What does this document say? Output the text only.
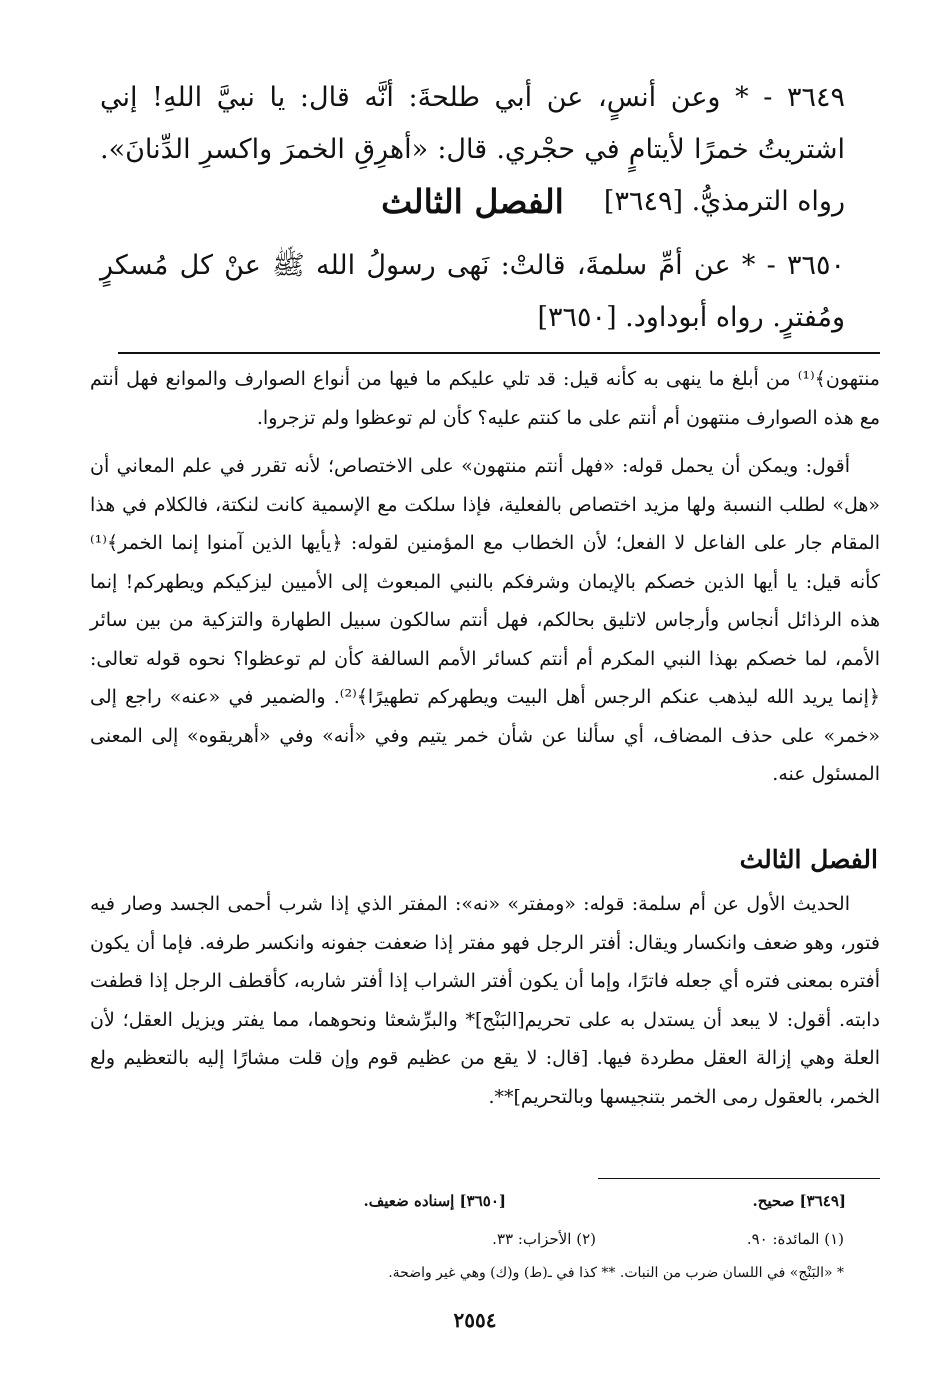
٣٦٤٩ - * وعن أنسٍ، عن أبي طلحةَ: أنَّه قال: يا نبيَّ اللهِ! إني اشتريتُ خمرًا لأيتامٍ في حجْري. قال: «أهرِقِ الخمرَ واكسرِ الدِّنانَ». رواه الترمذيُّ. [٣٦٤٩]
الفصل الثالث
٣٦٥٠ - * عن أمِّ سلمةَ، قالتْ: نَهى رسولُ الله ﷺ عنْ كل مُسكرٍ ومُفترٍ. رواه أبوداود. [٣٦٥٠]

منتهون﴾⁽¹⁾ من أبلغ ما ينهى به كأنه قيل: قد تلي عليكم ما فيها من أنواع الصوارف والموانع فهل أنتم مع هذه الصوارف منتهون أم أنتم على ما كنتم عليه؟ كأن لم توعظوا ولم تزجروا.

أقول: ويمكن أن يحمل قوله: «فهل أنتم منتهون» على الاختصاص؛ لأنه تقرر في علم المعاني أن «هل» لطلب النسبة ولها مزيد اختصاص بالفعلية، فإذا سلكت مع الإسمية كانت لنكتة، فالكلام في هذا المقام جار على الفاعل لا الفعل؛ لأن الخطاب مع المؤمنين لقوله: ﴿يأيها الذين آمنوا إنما الخمر﴾⁽¹⁾ كأنه قيل: يا أيها الذين خصكم بالإيمان وشرفكم بالنبي المبعوث إلى الأميين ليزكيكم ويطهركم! إنما هذه الرذائل أنجاس وأرجاس لاتليق بحالكم، فهل أنتم سالكون سبيل الطهارة والتزكية من بين سائر الأمم، لما خصكم بهذا النبي المكرم أم أنتم كسائر الأمم السالفة كأن لم توعظوا؟ نحوه قوله تعالى: ﴿إنما يريد الله ليذهب عنكم الرجس أهل البيت ويطهركم تطهيرًا﴾⁽²⁾. والضمير في «عنه» راجع إلى «خمر» على حذف المضاف، أي سألنا عن شأن خمر يتيم وفي «أنه» وفي «أهريقوه» إلى المعنى المسئول عنه.

الفصل الثالث
الحديث الأول عن أم سلمة: قوله: «ومفتر» «نه»: المفتر الذي إذا شرب أحمى الجسد وصار فيه فتور، وهو ضعف وانكسار ويقال: أفتر الرجل فهو مفتر إذا ضعفت جفونه وانكسر طرفه. فإما أن يكون أفتره بمعنى فتره أي جعله فاترًا، وإما أن يكون أفتر الشراب إذا أفتر شاربه، كأقطف الرجل إذا قطفت دابته. أقول: لا يبعد أن يستدل به على تحريم[البَنْج]* والبرِّشعثا ونحوهما، مما يفتر ويزيل العقل؛ لأن العلة وهي إزالة العقل مطردة فيها. [قال: لا يقع من عظيم قوم وإن قلت مشارًا إليه بالتعظيم ولع الخمر، بالعقول رمى الخمر بتنجيسها وبالتحريم]**.
[٣٦٤٩] صحيح.
[٣٦٥٠] إسناده ضعيف.
(١) المائدة: ٩٠.
(٢) الأحزاب: ٣٣.
* «البَنْج» في اللسان ضرب من النبات. ** كذا في ـ(ط) و(ك) وهي غير واضحة.
٢٥٥٤
